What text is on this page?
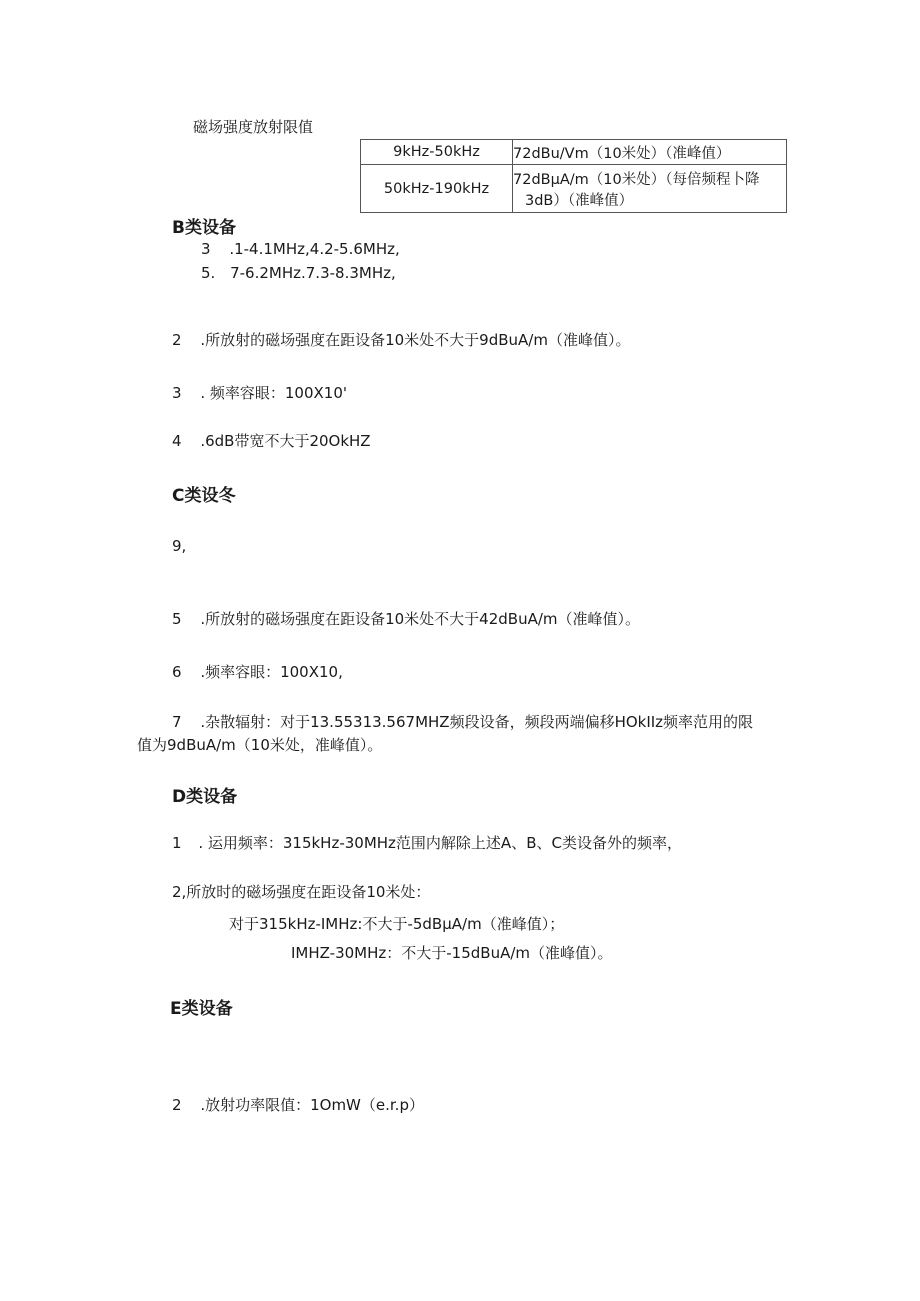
磁场强度放射限值
9kHz-50kHz	72dBu/Vm（10米处）（准峰值）

50kHz-190kHz	72dBμA/m（10米处）（每倍频程卜降
3dB）（准峰值）
B类设备
3 .1-4.1MHz,4.2-5.6MHz,
5. 7-6.2MHz.7.3-8.3MHz,
2 .所放射的磁场强度在距设备10米处不大于9dBuA/m（准峰值）。
3 . 频率容眼：100X10'
4 .6dB带宽不大于20OkHZ
C类设冬
9,
5 .所放射的磁场强度在距设备10米处不大于42dBuA/m（准峰值）。
6 .频率容眼：100X10,
7 .杂散辐射：对于13.55313.567MHZ频段设备，频段两端偏移HOkIIz频率范用的限
值为9dBuA/m（10米处，准峰值）。
D类设备
1 . 运用频率：315kHz-30MHz范围内解除上述A、B、C类设备外的频率，
2,所放时的磁场强度在距设备10米处：
对于315kHz-IMHz:不大于-5dBμA/m（准峰值）；
IMHZ-30MHz：不大于-15dBuA/m（准峰值）。
E类设备
2 .放射功率限值：1OmW（e.r.p）
